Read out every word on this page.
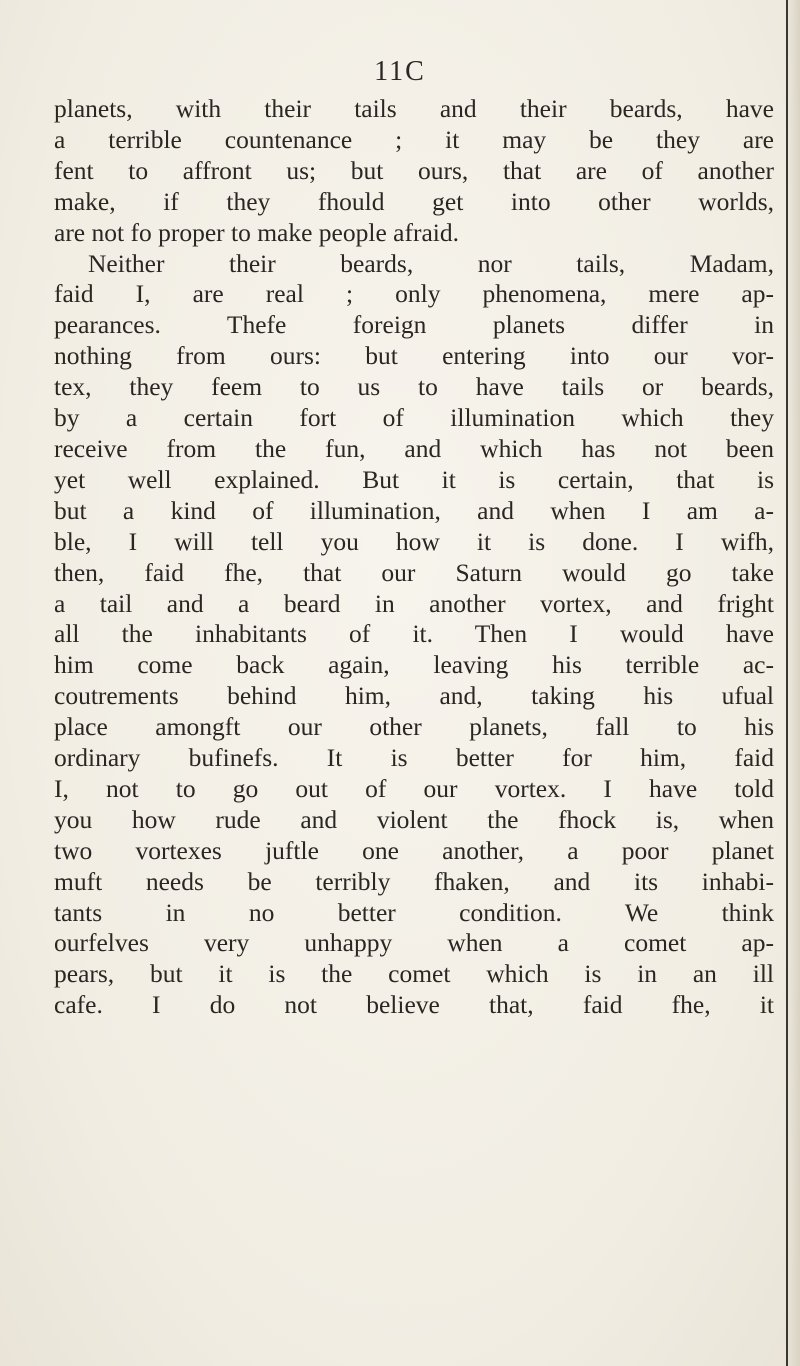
11C
planets, with their tails and their beards, have
a terrible countenance ; it may be they are
fent to affront us; but ours, that are of another
make, if they fhould get into other worlds,
are not fo proper to make people afraid.
Neither their beards, nor tails, Madam,
faid I, are real ; only phenomena, mere ap-
pearances. Thefe foreign planets differ in
nothing from ours: but entering into our vor-
tex, they feem to us to have tails or beards,
by a certain fort of illumination which they
receive from the fun, and which has not been
yet well explained. But it is certain, that is
but a kind of illumination, and when I am a-
ble, I will tell you how it is done. I wifh,
then, faid fhe, that our Saturn would go take
a tail and a beard in another vortex, and fright
all the inhabitants of it. Then I would have
him come back again, leaving his terrible ac-
coutrements behind him, and, taking his ufual
place amongft our other planets, fall to his
ordinary bufinefs. It is better for him, faid
I, not to go out of our vortex. I have told
you how rude and violent the fhock is, when
two vortexes juftle one another, a poor planet
muft needs be terribly fhaken, and its inhabi-
tants in no better condition. We think
ourfelves very unhappy when a comet ap-
pears, but it is the comet which is in an ill
cafe. I do not believe that, faid fhe, it
